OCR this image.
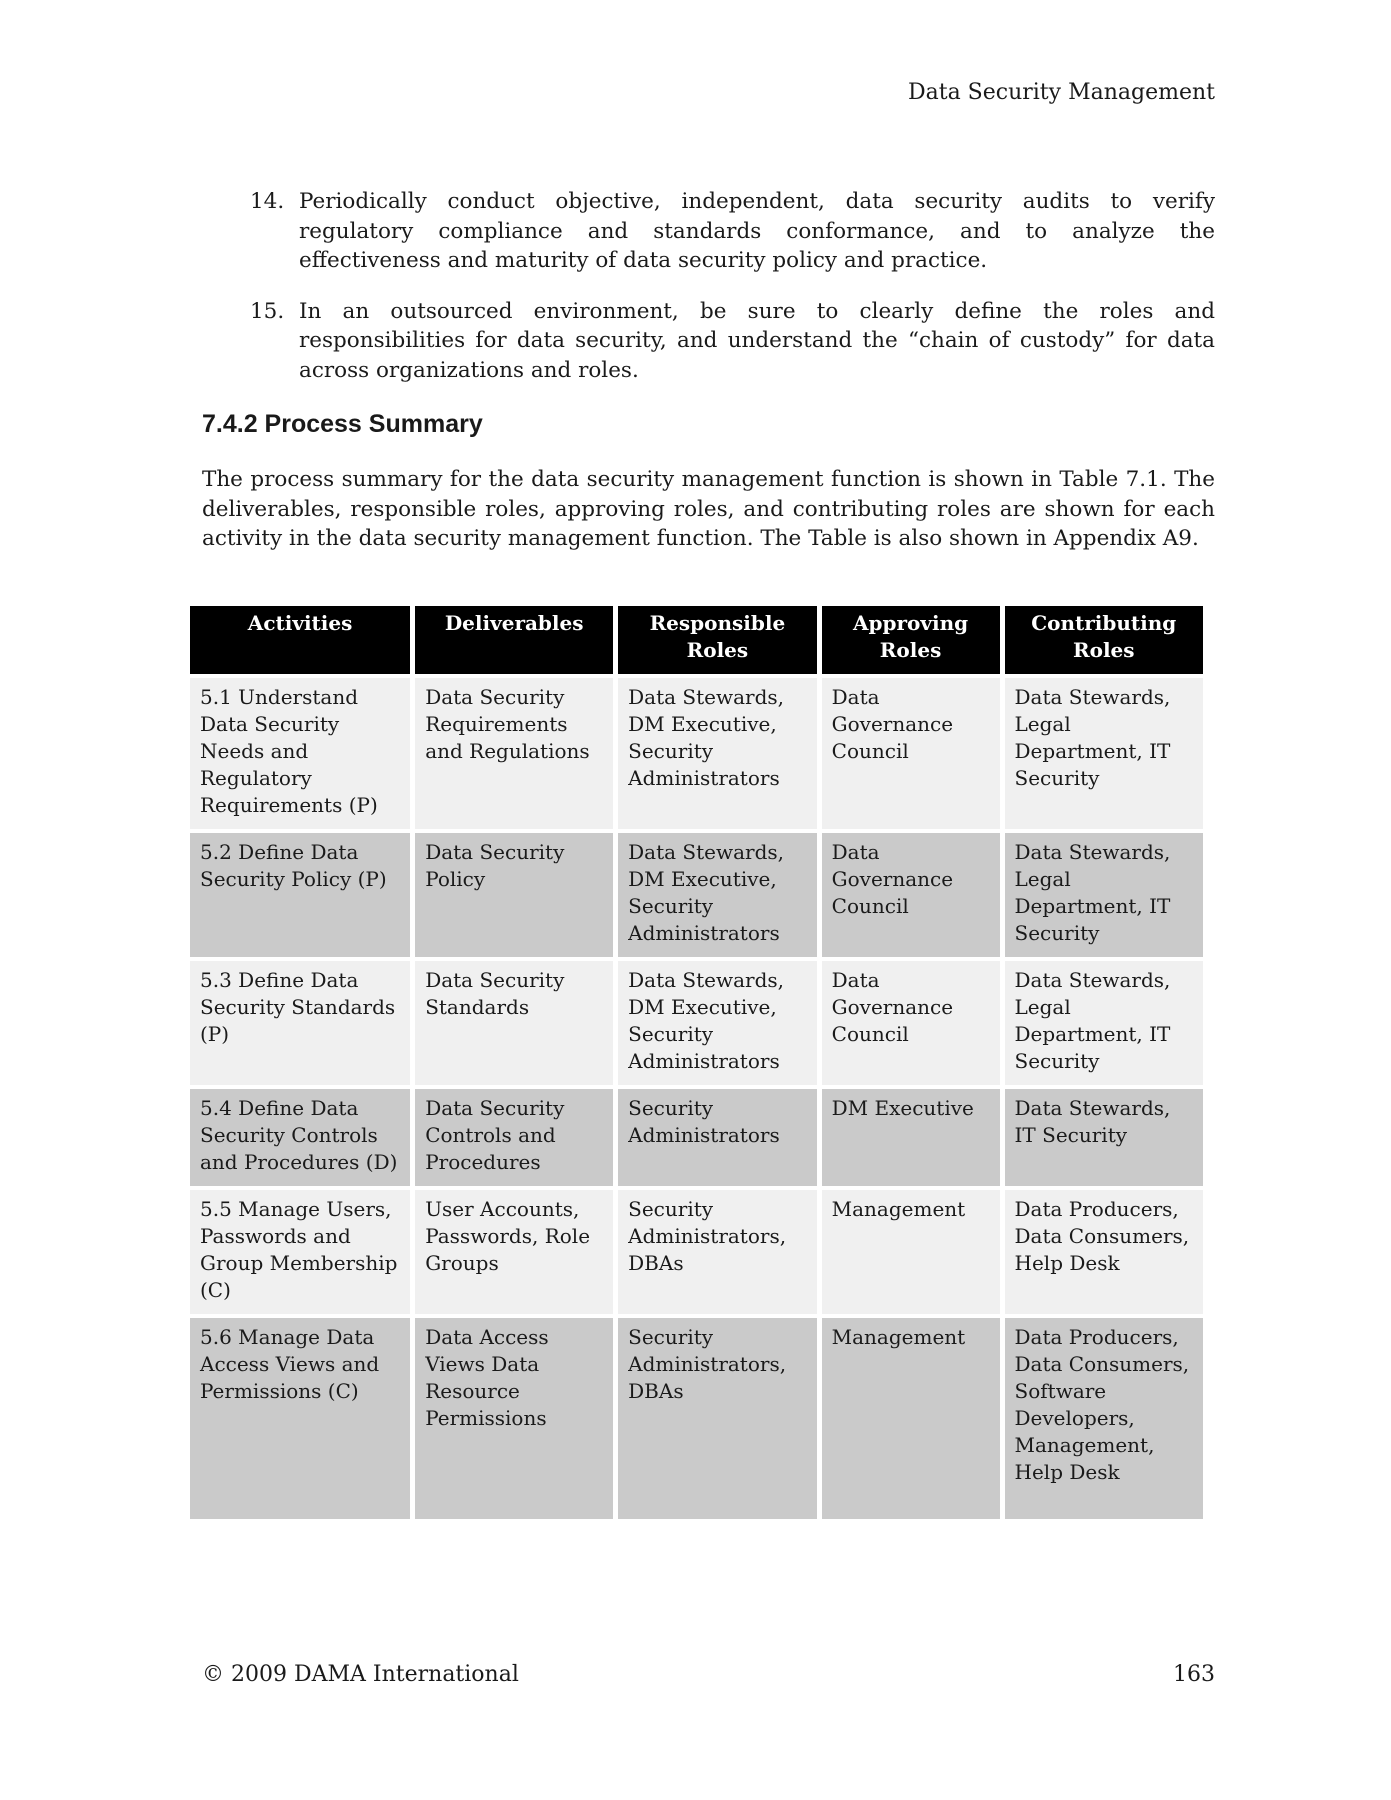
Data Security Management
14. Periodically conduct objective, independent, data security audits to verify regulatory compliance and standards conformance, and to analyze the effectiveness and maturity of data security policy and practice.
15. In an outsourced environment, be sure to clearly define the roles and responsibilities for data security, and understand the “chain of custody” for data across organizations and roles.
7.4.2 Process Summary
The process summary for the data security management function is shown in Table 7.1. The deliverables, responsible roles, approving roles, and contributing roles are shown for each activity in the data security management function. The Table is also shown in Appendix A9.
Activities	Deliverables	Responsible Roles	Approving Roles	Contributing Roles
5.1 Understand Data Security Needs and Regulatory Requirements (P)	Data Security Requirements and Regulations	Data Stewards, DM Executive, Security Administrators	Data Governance Council	Data Stewards, Legal Department, IT Security
5.2 Define Data Security Policy (P)	Data Security Policy	Data Stewards, DM Executive, Security Administrators	Data Governance Council	Data Stewards, Legal Department, IT Security
5.3 Define Data Security Standards (P)	Data Security Standards	Data Stewards, DM Executive, Security Administrators	Data Governance Council	Data Stewards, Legal Department, IT Security
5.4 Define Data Security Controls and Procedures (D)	Data Security Controls and Procedures	Security Administrators	DM Executive	Data Stewards, IT Security
5.5 Manage Users, Passwords and Group Membership (C)	User Accounts, Passwords, Role Groups	Security Administrators, DBAs	Management	Data Producers, Data Consumers, Help Desk
5.6 Manage Data Access Views and Permissions (C)	Data Access Views Data Resource Permissions	Security Administrators, DBAs	Management	Data Producers, Data Consumers, Software Developers, Management, Help Desk
© 2009 DAMA International	163
